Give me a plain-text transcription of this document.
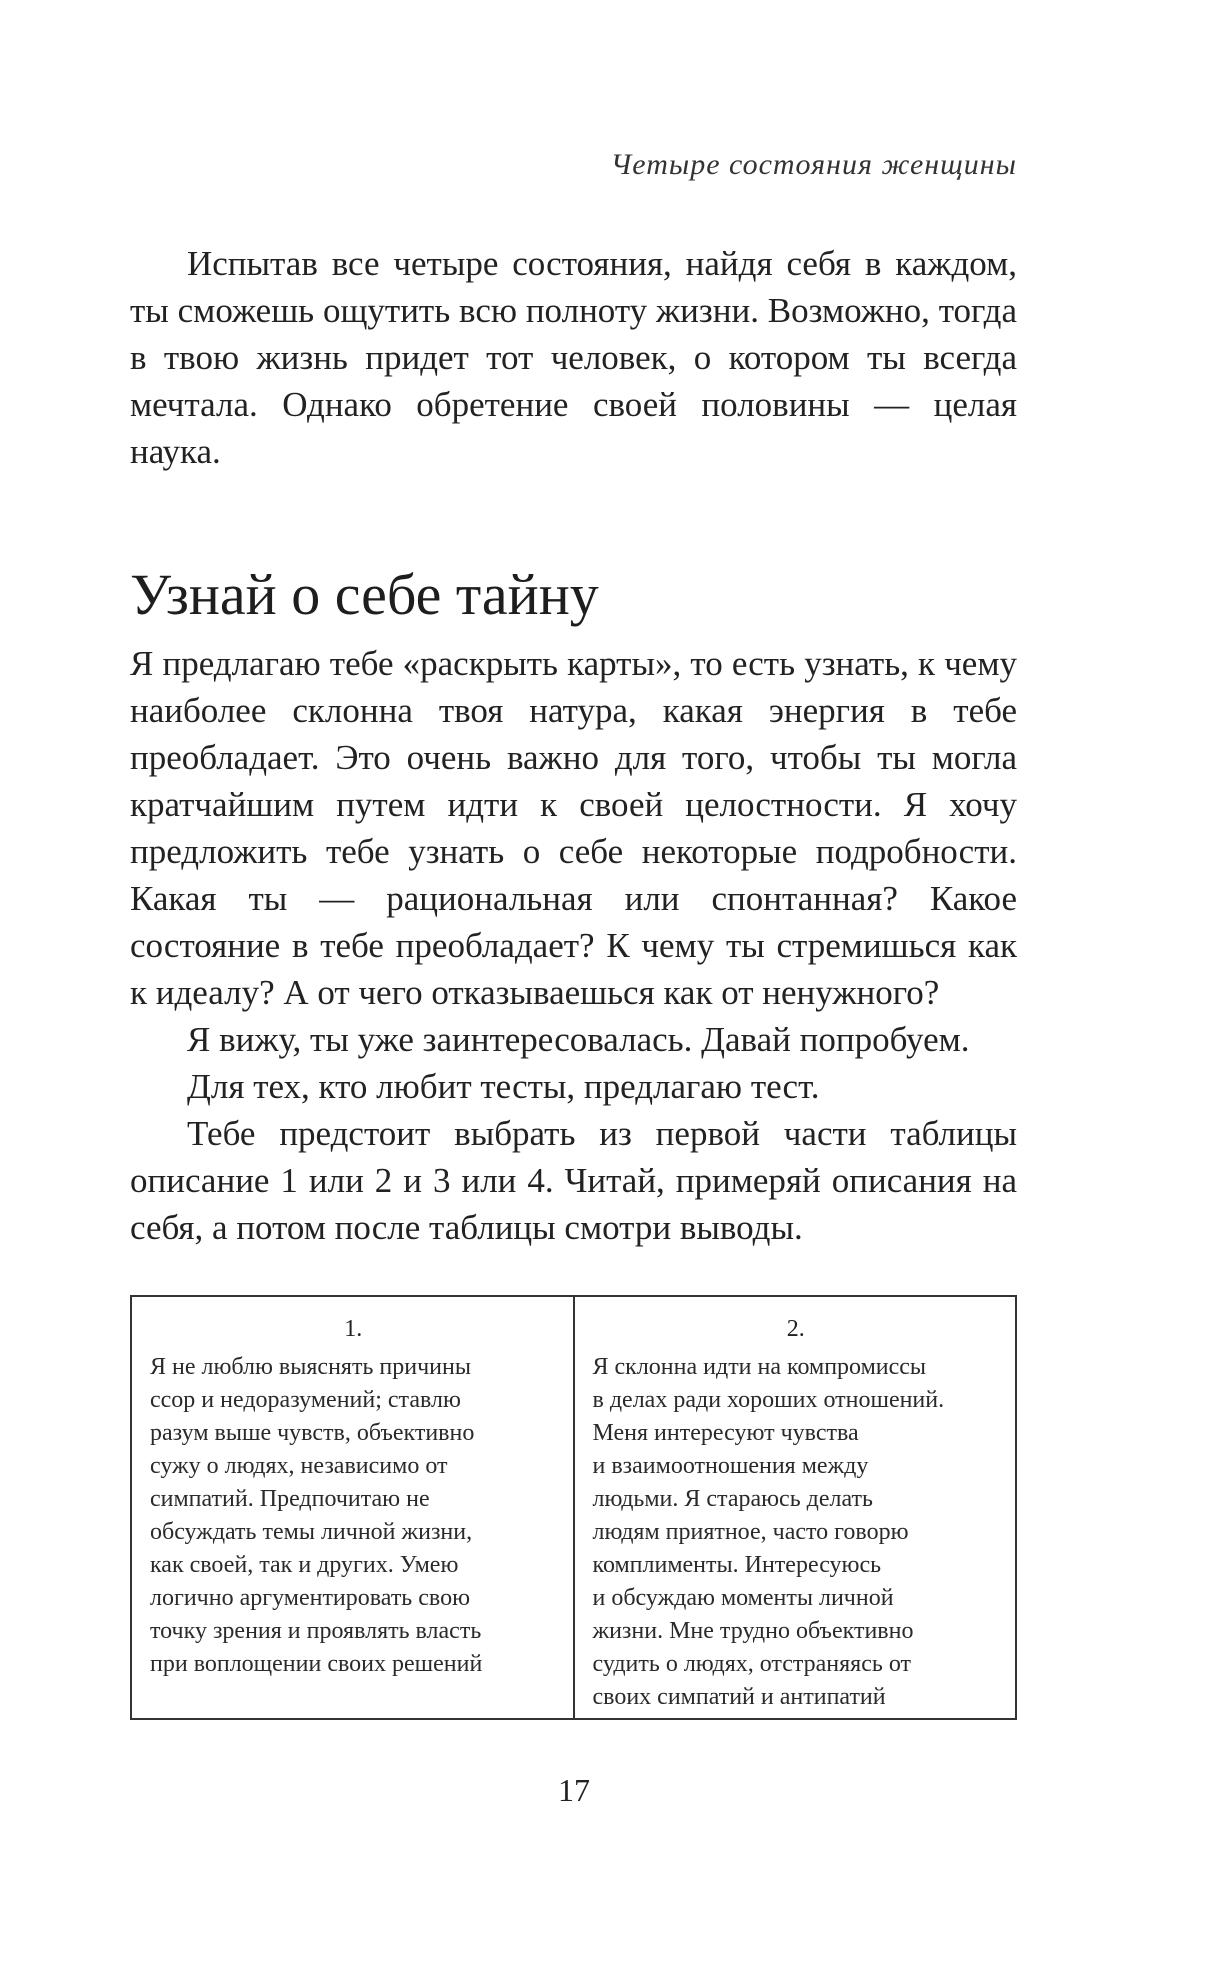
Четыре состояния женщины

Испытав все четыре состояния, найдя себя в каждом, ты сможешь ощутить всю полноту жизни. Возможно, тогда в твою жизнь придет тот человек, о котором ты всегда мечтала. Однако обретение своей половины — целая наука.

Узнай о себе тайну

Я предлагаю тебе «раскрыть карты», то есть узнать, к чему наиболее склонна твоя натура, какая энергия в тебе преобладает. Это очень важно для того, чтобы ты могла кратчайшим путем идти к своей целостности. Я хочу предложить тебе узнать о себе некоторые подробности. Какая ты — рациональная или спонтанная? Какое состояние в тебе преобладает? К чему ты стремишься как к идеалу? А от чего отказываешься как от ненужного?

Я вижу, ты уже заинтересовалась. Давай попробуем.

Для тех, кто любит тесты, предлагаю тест.

Тебе предстоит выбрать из первой части таблицы описание 1 или 2 и 3 или 4. Читай, примеряй описания на себя, а потом после таблицы смотри выводы.

1.
Я не люблю выяснять причины
ссор и недоразумений; ставлю
разум выше чувств, объективно
сужу о людях, независимо от
симпатий. Предпочитаю не
обсуждать темы личной жизни,
как своей, так и других. Умею
логично аргументировать свою
точку зрения и проявлять власть
при воплощении своих решений
2.
Я склонна идти на компромиссы
в делах ради хороших отношений.
Меня интересуют чувства
и взаимоотношения между
людьми. Я стараюсь делать
людям приятное, часто говорю
комплименты. Интересуюсь
и обсуждаю моменты личной
жизни. Мне трудно объективно
судить о людях, отстраняясь от
своих симпатий и антипатий
17
